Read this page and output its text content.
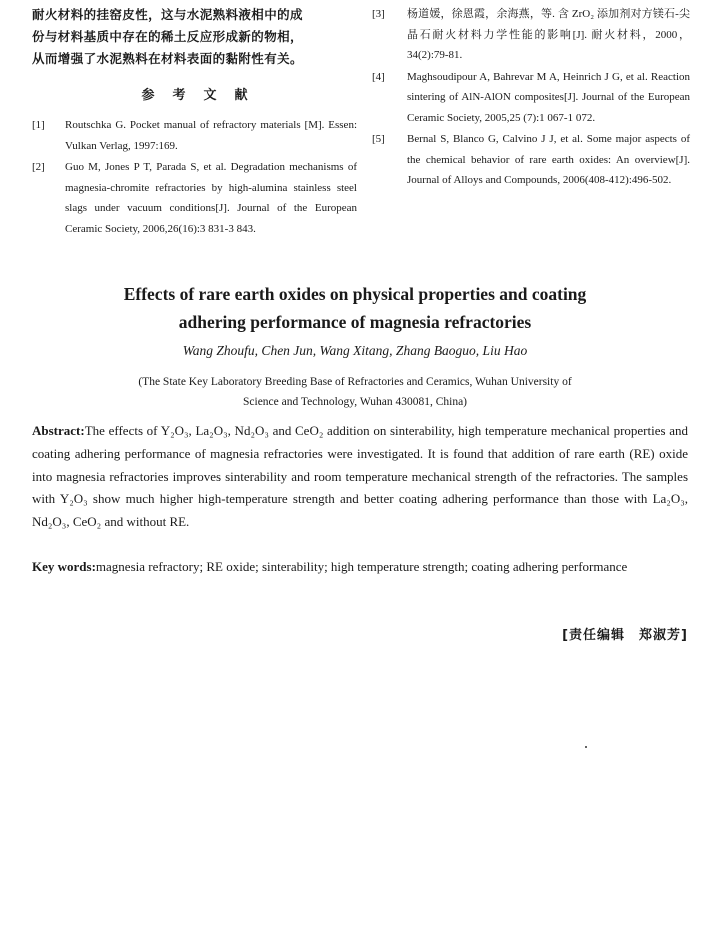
耐火材料的挂窑皮性，这与水泥熟料液相中的成
份与材料基质中存在的稀土反应形成新的物相，
从而增强了水泥熟料在材料表面的黏附性有关。

参考文献

[1] Routschka G. Pocket manual of refractory materials [M]. Essen: Vulkan Verlag, 1997:169.

[2] Guo M, Jones P T, Parada S, et al. Degradation mechanisms of magnesia-chromite refractories by high-alumina stainless steel slags under vacuum conditions[J]. Journal of the European Ceramic Society, 2006,26(16):3 831-3 843.

[3] 杨道媛，徐恩霞，余海燕，等. 含 ZrO₂ 添加剂对方镁石-尖晶石耐火材料力学性能的影响[J]. 耐火材料，2000，34(2):79-81.

[4] Maghsoudipour A, Bahrevar M A, Heinrich J G, et al. Reaction sintering of AlN-AlON composites[J]. Journal of the European Ceramic Society, 2005,25 (7):1 067-1 072.

[5] Bernal S, Blanco G, Calvino J J, et al. Some major aspects of the chemical behavior of rare earth oxides: An overview[J]. Journal of Alloys and Compounds, 2006(408-412):496-502.

Effects of rare earth oxides on physical properties and coating
adhering performance of magnesia refractories

Wang Zhoufu, Chen Jun, Wang Xitang, Zhang Baoguo, Liu Hao

(The State Key Laboratory Breeding Base of Refractories and Ceramics, Wuhan University of
Science and Technology, Wuhan 430081, China)

Abstract:The effects of Y₂O₃, La₂O₃, Nd₂O₃ and CeO₂ addition on sinterability, high temperature mechanical properties and coating adhering performance of magnesia refractories were investigated. It is found that addition of rare earth (RE) oxide into magnesia refractories improves sinterability and room temperature mechanical strength of the refractories. The samples with Y₂O₃ show much higher high-temperature strength and better coating adhering performance than those with La₂O₃, Nd₂O₃, CeO₂ and without RE.

Key words:magnesia refractory; RE oxide; sinterability; high temperature strength; coating adhering performance

[责任编辑　郑淑芳]
